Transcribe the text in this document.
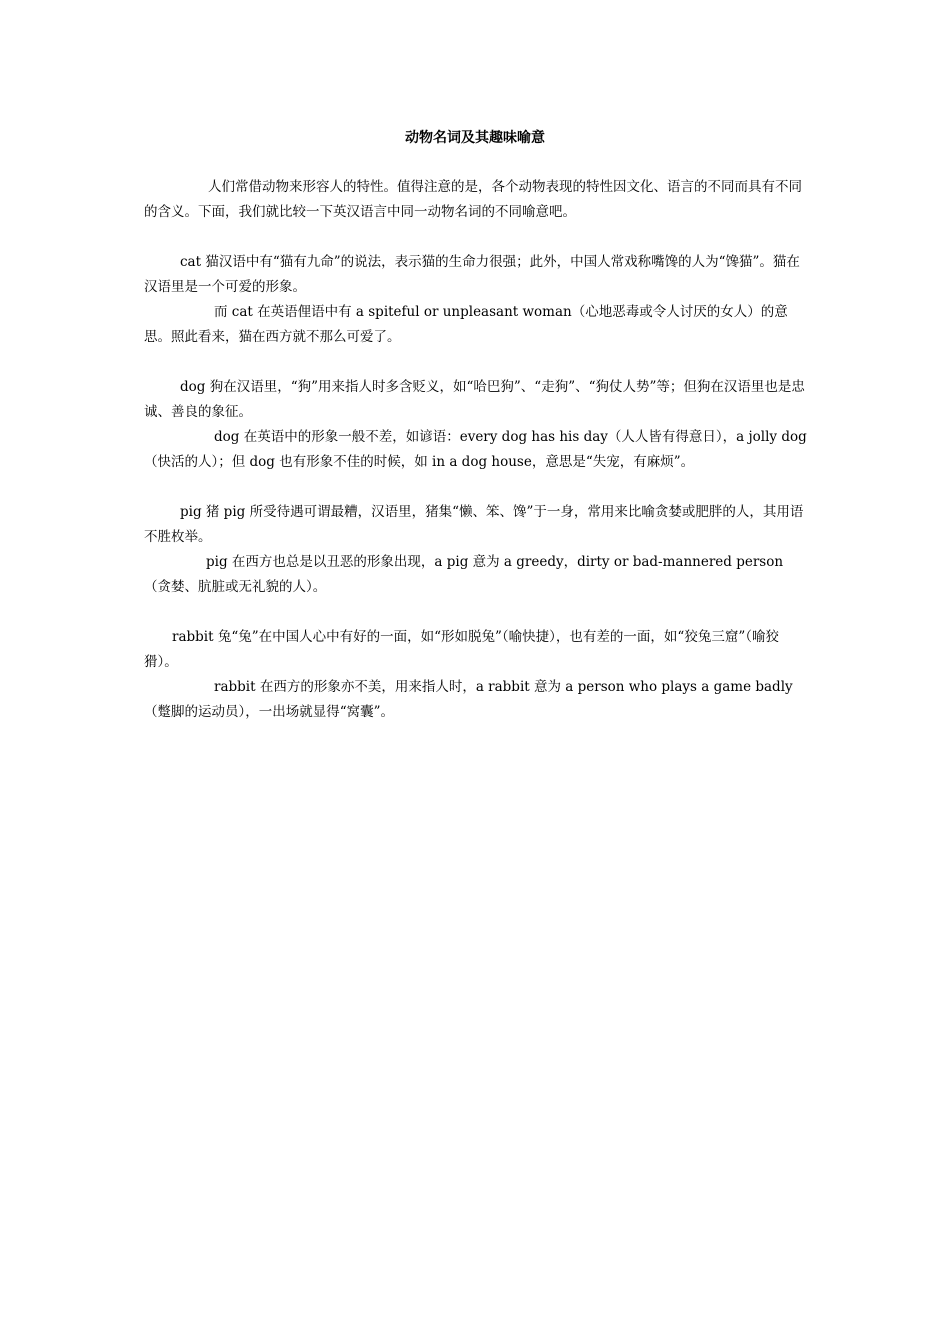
动物名词及其趣味喻意

人们常借动物来形容人的特性。值得注意的是，各个动物表现的特性因文化、语言的不同而具有不同的含义。下面，我们就比较一下英汉语言中同一动物名词的不同喻意吧。

cat 猫汉语中有“猫有九命”的说法，表示猫的生命力很强；此外，中国人常戏称嘴馋的人为“馋猫”。猫在汉语里是一个可爱的形象。

而 cat 在英语俚语中有 a spiteful or unpleasant woman（心地恶毒或令人讨厌的女人）的意思。照此看来，猫在西方就不那么可爱了。

dog 狗在汉语里，“狗”用来指人时多含贬义，如“哈巴狗”、“走狗”、“狗仗人势”等；但狗在汉语里也是忠诚、善良的象征。

dog 在英语中的形象一般不差，如谚语：every dog has his day（人人皆有得意日），a jolly dog（快活的人）；但 dog 也有形象不佳的时候，如 in a dog house，意思是“失宠，有麻烦”。

pig 猪 pig 所受待遇可谓最糟，汉语里，猪集“懒、笨、馋”于一身，常用来比喻贪婪或肥胖的人，其用语不胜枚举。

pig 在西方也总是以丑恶的形象出现，a pig 意为 a greedy，dirty or bad-mannered person（贪婪、肮脏或无礼貌的人）。

rabbit 兔“兔”在中国人心中有好的一面，如“形如脱兔”（喻快捷），也有差的一面，如“狡兔三窟”（喻狡猾）。

rabbit 在西方的形象亦不美，用来指人时，a rabbit 意为 a person who plays a game badly（蹩脚的运动员），一出场就显得“窝囊”。
